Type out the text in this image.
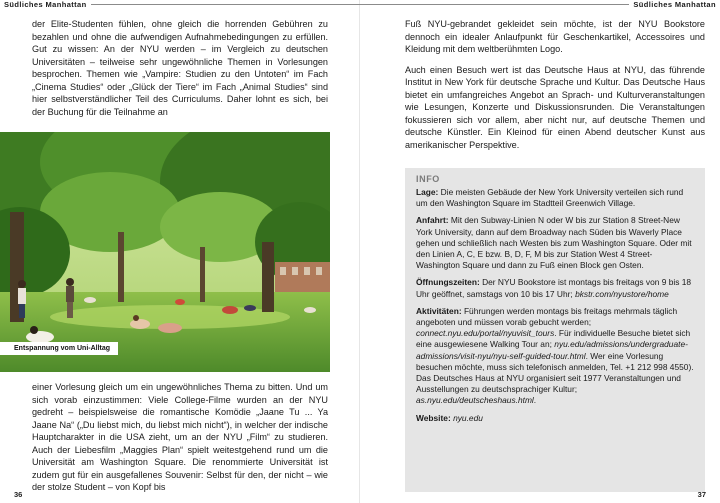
Südliches Manhattan

der Elite-Studenten fühlen, ohne gleich die horrenden Gebühren zu bezahlen und ohne die aufwendigen Aufnahmebedingungen zu erfüllen. Gut zu wissen: An der NYU werden – im Vergleich zu deutschen Universitäten – teilweise sehr ungewöhnliche Themen in Vorlesungen besprochen. Themen wie „Vampire: Studien zu den Untoten“ im Fach „Cinema Studies“ oder „Glück der Tiere“ im Fach „Animal Studies“ sind hier selbstverständlicher Teil des Curriculums. Daher lohnt es sich, bei der Buchung für die Teilnahme an

Entspannung vom Uni-Alltag

einer Vorlesung gleich um ein ungewöhnliches Thema zu bitten. Und um sich vorab einzustimmen: Viele College-Filme wurden an der NYU gedreht – beispielsweise die romantische Komödie „Jaane Tu ... Ya Jaane Na“ („Du liebst mich, du liebst mich nicht“), in welcher der indische Hauptcharakter in die USA zieht, um an der NYU „Film“ zu studieren. Auch der Liebesfilm „Maggies Plan“ spielt weitestgehend rund um die Universität am Washington Square. Die renommierte Universität ist zudem gut für ein ausgefallenes Souvenir: Selbst für den, der nicht – wie der stolze Student – von Kopf bis

36
Südliches Manhattan

Fuß NYU-gebrandet gekleidet sein möchte, ist der NYU Bookstore dennoch ein idealer Anlaufpunkt für Geschenkartikel, Accessoires und Kleidung mit dem weltberühmten Logo.

Auch einen Besuch wert ist das Deutsche Haus at NYU, das führende Institut in New York für deutsche Sprache und Kultur. Das Deutsche Haus bietet ein umfangreiches Angebot an Sprach- und Kulturveranstaltungen wie Lesungen, Konzerte und Diskussionsrunden. Die Veranstaltungen fokussieren sich vor allem, aber nicht nur, auf deutsche Themen und deutsche Künstler. Ein Kleinod für einen Abend deutscher Kunst aus amerikanischer Perspektive.

INFO

Lage: Die meisten Gebäude der New York University verteilen sich rund um den Washington Square im Stadtteil Greenwich Village.

Anfahrt: Mit den Subway-Linien N oder W bis zur Station 8 Street-New York University, dann auf dem Broadway nach Süden bis Waverly Place gehen und schließlich nach Westen bis zum Washington Square. Oder mit den Linien A, C, E bzw. B, D, F, M bis zur Station West 4 Street-Washington Square und dann zu Fuß einen Block gen Osten.

Öffnungszeiten: Der NYU Bookstore ist montags bis freitags von 9 bis 18 Uhr geöffnet, samstags von 10 bis 17 Uhr; bkstr.com/nyustore/home

Aktivitäten: Führungen werden montags bis freitags mehrmals täglich angeboten und müssen vorab gebucht werden; connect.nyu.edu/portal/nyuvisit_tours. Für individuelle Besuche bietet sich eine ausgewiesene Walking Tour an; nyu.edu/admissions/undergraduate-admissions/visit-nyu/nyu-self-guided-tour.html. Wer eine Vorlesung besuchen möchte, muss sich telefonisch anmelden, Tel. +1 212 998 4550). Das Deutsches Haus at NYU organisiert seit 1977 Veranstaltungen und Ausstellungen zu deutschsprachiger Kultur; as.nyu.edu/deutscheshaus.html.

Website: nyu.edu

37
